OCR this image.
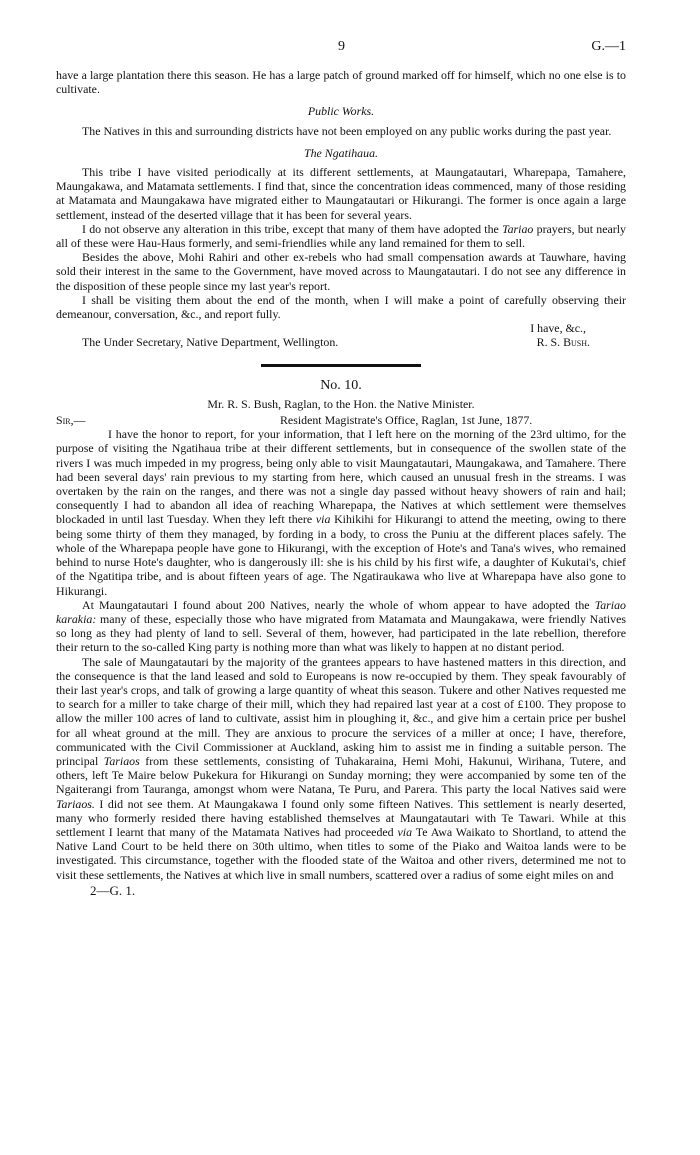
9	G.—1

have a large plantation there this season. He has a large patch of ground marked off for himself, which no one else is to cultivate.

Public Works.

The Natives in this and surrounding districts have not been employed on any public works during the past year.

The Ngatihaua.

This tribe I have visited periodically at its different settlements, at Maungatautari, Wharepapa, Tamahere, Maungakawa, and Matamata settlements. I find that, since the concentration ideas commenced, many of those residing at Matamata and Maungakawa have migrated either to Maungatautari or Hikurangi. The former is once again a large settlement, instead of the deserted village that it has been for several years.

I do not observe any alteration in this tribe, except that many of them have adopted the Tariao prayers, but nearly all of these were Hau-Haus formerly, and semi-friendlies while any land remained for them to sell.

Besides the above, Mohi Rahiri and other ex-rebels who had small compensation awards at Tauwhare, having sold their interest in the same to the Government, have moved across to Maungatautari. I do not see any difference in the disposition of these people since my last year's report.

I shall be visiting them about the end of the month, when I will make a point of carefully observing their demeanour, conversation, &c., and report fully.

I have, &c.,
The Under Secretary, Native Department, Wellington.	R. S. Bush.
No. 10.
Mr. R. S. Bush, Raglan, to the Hon. the Native Minister.
Sir,—	Resident Magistrate's Office, Raglan, 1st June, 1877.

I have the honor to report, for your information, that I left here on the morning of the 23rd ultimo, for the purpose of visiting the Ngatihaua tribe at their different settlements, but in consequence of the swollen state of the rivers I was much impeded in my progress, being only able to visit Maungatautari, Maungakawa, and Tamahere. There had been several days' rain previous to my starting from here, which caused an unusual fresh in the streams. I was overtaken by the rain on the ranges, and there was not a single day passed without heavy showers of rain and hail; consequently I had to abandon all idea of reaching Wharepapa, the Natives at which settlement were themselves blockaded in until last Tuesday. When they left there via Kihikihi for Hikurangi to attend the meeting, owing to there being some thirty of them they managed, by fording in a body, to cross the Puniu at the different places safely. The whole of the Wharepapa people have gone to Hikurangi, with the exception of Hote's and Tana's wives, who remained behind to nurse Hote's daughter, who is dangerously ill: she is his child by his first wife, a daughter of Kukutai's, chief of the Ngatitipa tribe, and is about fifteen years of age. The Ngatiraukawa who live at Wharepapa have also gone to Hikurangi.

At Maungatautari I found about 200 Natives, nearly the whole of whom appear to have adopted the Tariao karakia: many of these, especially those who have migrated from Matamata and Maungakawa, were friendly Natives so long as they had plenty of land to sell. Several of them, however, had participated in the late rebellion, therefore their return to the so-called King party is nothing more than what was likely to happen at no distant period.

The sale of Maungatautari by the majority of the grantees appears to have hastened matters in this direction, and the consequence is that the land leased and sold to Europeans is now re-occupied by them. They speak favourably of their last year's crops, and talk of growing a large quantity of wheat this season. Tukere and other Natives requested me to search for a miller to take charge of their mill, which they had repaired last year at a cost of £100. They propose to allow the miller 100 acres of land to cultivate, assist him in ploughing it, &c., and give him a certain price per bushel for all wheat ground at the mill. They are anxious to procure the services of a miller at once; I have, therefore, communicated with the Civil Commissioner at Auckland, asking him to assist me in finding a suitable person. The principal Tariaos from these settlements, consisting of Tuhakaraina, Hemi Mohi, Hakunui, Wirihana, Tutere, and others, left Te Maire below Pukekura for Hikurangi on Sunday morning; they were accompanied by some ten of the Ngaiterangi from Tauranga, amongst whom were Natana, Te Puru, and Parera. This party the local Natives said were Tariaos. I did not see them. At Maungakawa I found only some fifteen Natives. This settlement is nearly deserted, many who formerly resided there having established themselves at Maungatautari with Te Tawari. While at this settlement I learnt that many of the Matamata Natives had proceeded via Te Awa Waikato to Shortland, to attend the Native Land Court to be held there on 30th ultimo, when titles to some of the Piako and Waitoa lands were to be investigated. This circumstance, together with the flooded state of the Waitoa and other rivers, determined me not to visit these settlements, the Natives at which live in small numbers, scattered over a radius of some eight miles on and

2—G. 1.
